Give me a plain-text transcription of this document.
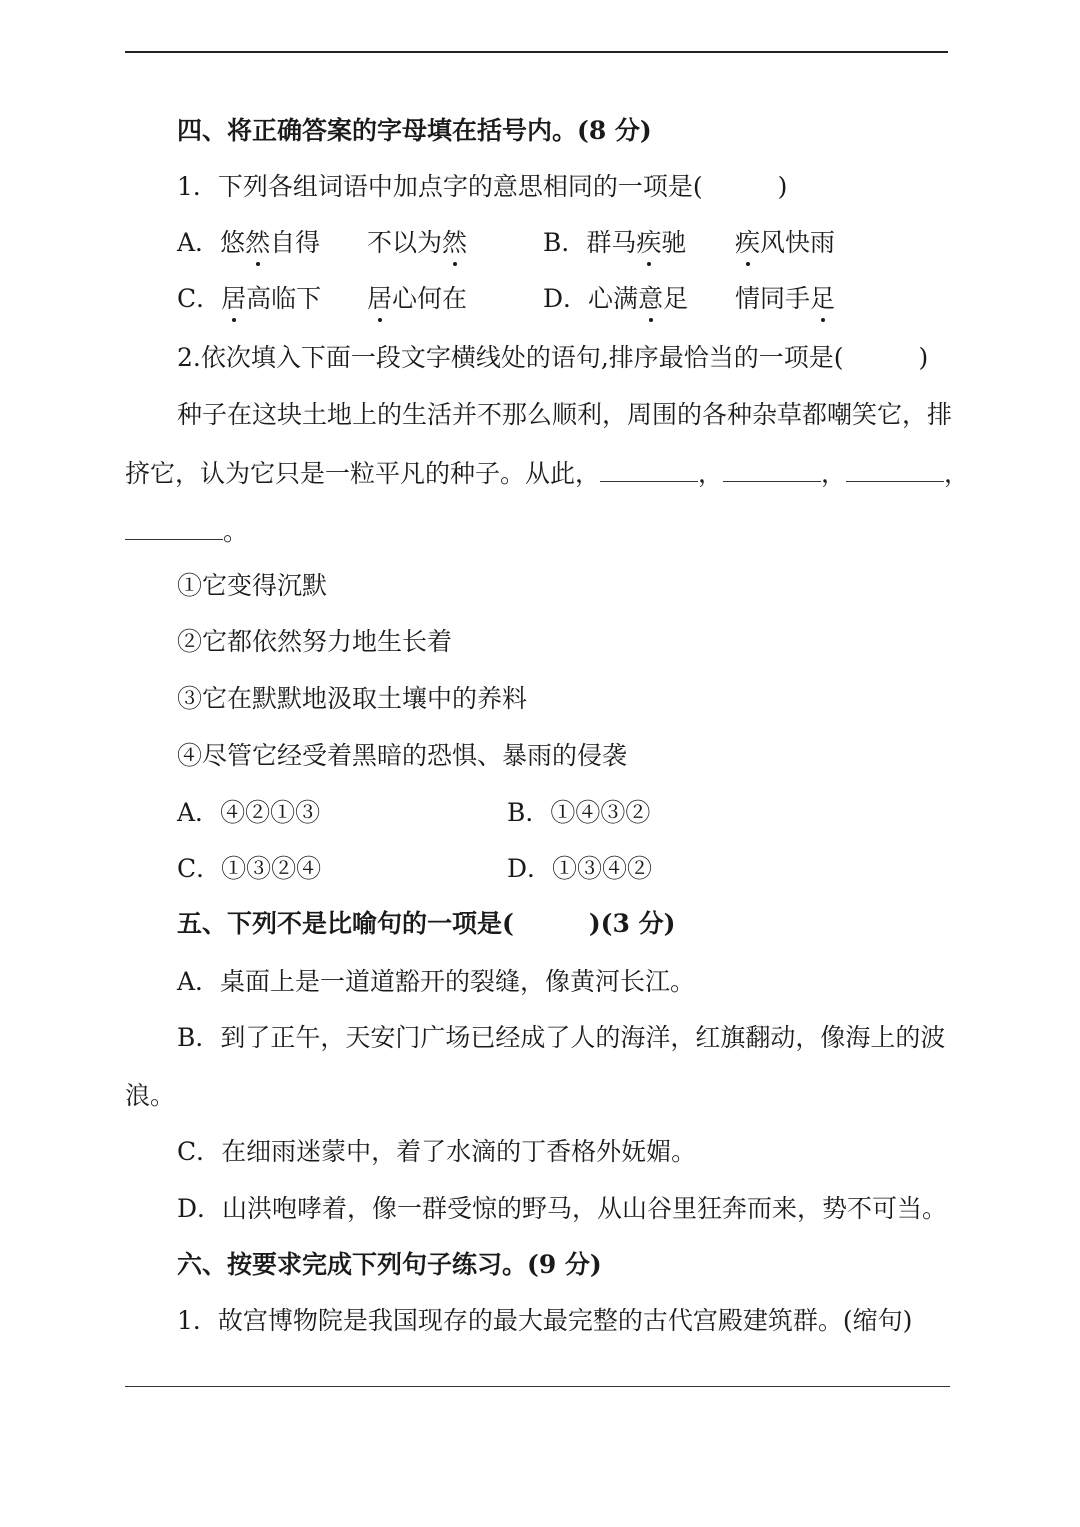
四、将正确答案的字母填在括号内。(8 分)
1．下列各组词语中加点字的意思相同的一项是(　　　)
A．悠然自得 不以为然	B．群马疾驰 疾风快雨
C．居高临下 居心何在	D．心满意足 情同手足
2.依次填入下面一段文字横线处的语句,排序最恰当的一项是(　　　)
种子在这块土地上的生活并不那么顺利，周围的各种杂草都嘲笑它，排
挤它，认为它只是一粒平凡的种子。从此，	，	，	，
。
①它变得沉默
②它都依然努力地生长着
③它在默默地汲取土壤中的养料
④尽管它经受着黑暗的恐惧、暴雨的侵袭
A．④②①③	B．①④③②
C．①③②④	D．①③④②
五、下列不是比喻句的一项是(　　　)(3 分)
A．桌面上是一道道豁开的裂缝，像黄河长江。
B．到了正午，天安门广场已经成了人的海洋，红旗翻动，像海上的波
浪。
C．在细雨迷蒙中，着了水滴的丁香格外妩媚。
D．山洪咆哮着，像一群受惊的野马，从山谷里狂奔而来，势不可当。
六、按要求完成下列句子练习。(9 分)
1．故宫博物院是我国现存的最大最完整的古代宫殿建筑群。(缩句)
